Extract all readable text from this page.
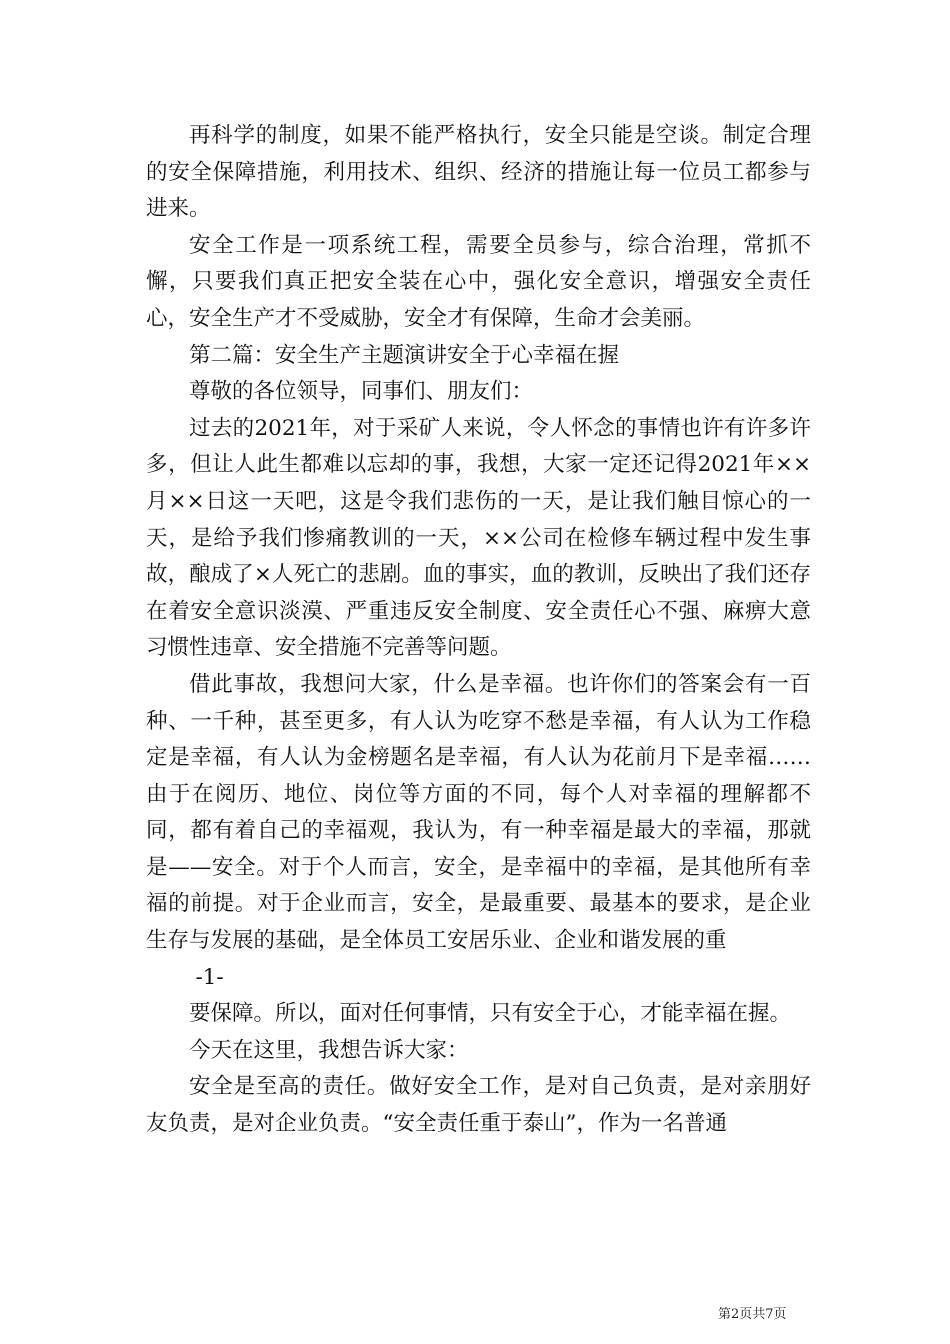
再科学的制度，如果不能严格执行，安全只能是空谈。制定合理的安全保障措施，利用技术、组织、经济的措施让每一位员工都参与进来。

安全工作是一项系统工程，需要全员参与，综合治理，常抓不懈，只要我们真正把安全装在心中，强化安全意识，增强安全责任心，安全生产才不受威胁，安全才有保障，生命才会美丽。

第二篇：安全生产主题演讲安全于心幸福在握

尊敬的各位领导，同事们、朋友们：

过去的2021年，对于采矿人来说，令人怀念的事情也许有许多许多，但让人此生都难以忘却的事，我想，大家一定还记得2021年××月××日这一天吧，这是令我们悲伤的一天，是让我们触目惊心的一天，是给予我们惨痛教训的一天，××公司在检修车辆过程中发生事故，酿成了×人死亡的悲剧。血的事实，血的教训，反映出了我们还存在着安全意识淡漠、严重违反安全制度、安全责任心不强、麻痹大意习惯性违章、安全措施不完善等问题。

借此事故，我想问大家，什么是幸福。也许你们的答案会有一百种、一千种，甚至更多，有人认为吃穿不愁是幸福，有人认为工作稳定是幸福，有人认为金榜题名是幸福，有人认为花前月下是幸福……由于在阅历、地位、岗位等方面的不同，每个人对幸福的理解都不同，都有着自己的幸福观，我认为，有一种幸福是最大的幸福，那就是——安全。对于个人而言，安全，是幸福中的幸福，是其他所有幸福的前提。对于企业而言，安全，是最重要、最基本的要求，是企业生存与发展的基础，是全体员工安居乐业、企业和谐发展的重

-1-

要保障。所以，面对任何事情，只有安全于心，才能幸福在握。

今天在这里，我想告诉大家：

安全是至高的责任。做好安全工作，是对自己负责，是对亲朋好友负责，是对企业负责。“安全责任重于泰山”，作为一名普通

第2页共7页
